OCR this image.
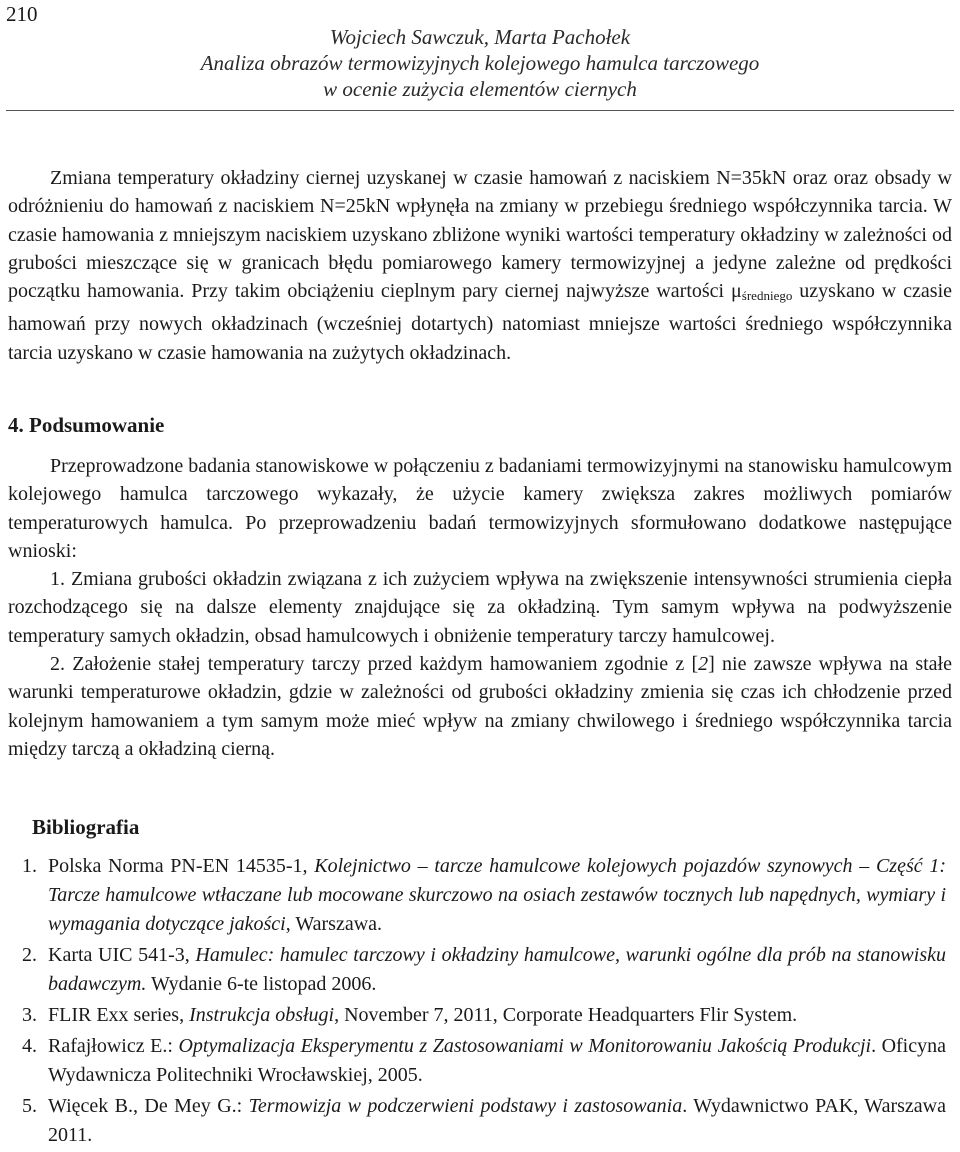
210
Wojciech Sawczuk, Marta Pachołek
Analiza obrazów termowizyjnych kolejowego hamulca tarczowego
w ocenie zużycia elementów ciernych
Zmiana temperatury okładziny ciernej uzyskanej w czasie hamowań z naciskiem N=35kN oraz oraz obsady w odróżnieniu do hamowań z naciskiem N=25kN wpłynęła na zmiany w przebiegu średniego współczynnika tarcia. W czasie hamowania z mniejszym naciskiem uzyskano zbliżone wyniki wartości temperatury okładziny w zależności od grubości mieszczące się w granicach błędu pomiarowego kamery termowizyjnej a jedyne zależne od prędkości początku hamowania. Przy takim obciążeniu cieplnym pary ciernej najwyższe wartości $\mu_{średniego}$ uzyskano w czasie hamowań przy nowych okładzinach (wcześniej dotartych) natomiast mniejsze wartości średniego współczynnika tarcia uzyskano w czasie hamowania na zużytych okładzinach.
4. Podsumowanie
Przeprowadzone badania stanowiskowe w połączeniu z badaniami termowizyjnymi na stanowisku hamulcowym kolejowego hamulca tarczowego wykazały, że użycie kamery zwiększa zakres możliwych pomiarów temperaturowych hamulca. Po przeprowadzeniu badań termowizyjnych sformułowano dodatkowe następujące wnioski:
1. Zmiana grubości okładzin związana z ich zużyciem wpływa na zwiększenie intensywności strumienia ciepła rozchodzącego się na dalsze elementy znajdujące się za okładziną. Tym samym wpływa na podwyższenie temperatury samych okładzin, obsad hamulcowych i obniżenie temperatury tarczy hamulcowej.
2. Założenie stałej temperatury tarczy przed każdym hamowaniem zgodnie z [2] nie zawsze wpływa na stałe warunki temperaturowe okładzin, gdzie w zależności od grubości okładziny zmienia się czas ich chłodzenie przed kolejnym hamowaniem a tym samym może mieć wpływ na zmiany chwilowego i średniego współczynnika tarcia między tarczą a okładziną cierną.
Bibliografia
1. Polska Norma PN-EN 14535-1, Kolejnictwo – tarcze hamulcowe kolejowych pojazdów szynowych – Część 1: Tarcze hamulcowe wtłaczane lub mocowane skurczowo na osiach zestawów tocznych lub napędnych, wymiary i wymagania dotyczące jakości, Warszawa.
2. Karta UIC 541-3, Hamulec: hamulec tarczowy i okładziny hamulcowe, warunki ogólne dla prób na stanowisku badawczym. Wydanie 6-te listopad 2006.
3. FLIR Exx series, Instrukcja obsługi, November 7, 2011, Corporate Headquarters Flir System.
4. Rafajłowicz E.: Optymalizacja Eksperymentu z Zastosowaniami w Monitorowaniu Jakością Produkcji. Oficyna Wydawnicza Politechniki Wrocławskiej, 2005.
5. Więcek B., De Mey G.: Termowizja w podczerwieni podstawy i zastosowania. Wydawnictwo PAK, Warszawa 2011.
